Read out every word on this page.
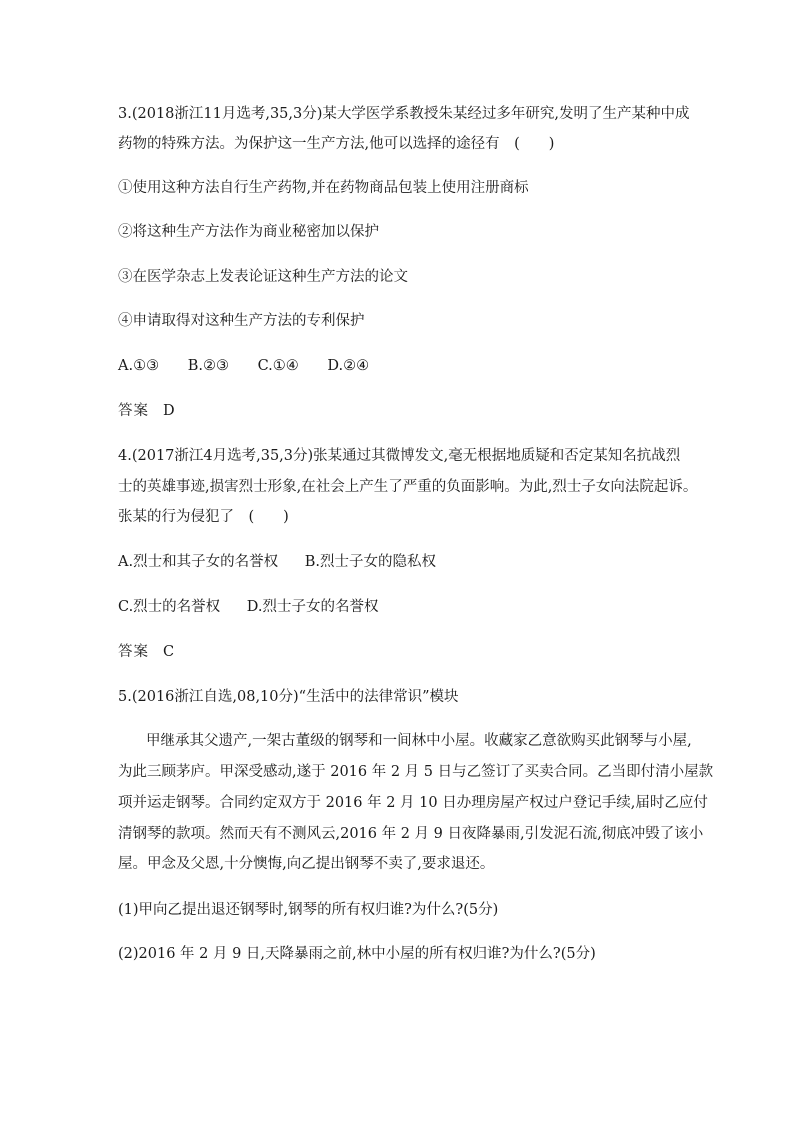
3.(2018浙江11月选考,35,3分)某大学医学系教授朱某经过多年研究,发明了生产某种中成
药物的特殊方法。为保护这一生产方法,他可以选择的途径有　(　　)
①使用这种方法自行生产药物,并在药物商品包装上使用注册商标
②将这种生产方法作为商业秘密加以保护
③在医学杂志上发表论证这种生产方法的论文
④申请取得对这种生产方法的专利保护
A.①③ B.②③ C.①④ D.②④
答案 D
4.(2017浙江4月选考,35,3分)张某通过其微博发文,毫无根据地质疑和否定某知名抗战烈
士的英雄事迹,损害烈士形象,在社会上产生了严重的负面影响。为此,烈士子女向法院起诉。
张某的行为侵犯了　(　　)
A.烈士和其子女的名誉权 B.烈士子女的隐私权
C.烈士的名誉权 D.烈士子女的名誉权
答案 C
5.(2016浙江自选,08,10分)“生活中的法律常识”模块
甲继承其父遗产,一架古董级的钢琴和一间林中小屋。收藏家乙意欲购买此钢琴与小屋,
为此三顾茅庐。甲深受感动,遂于 2016 年 2 月 5 日与乙签订了买卖合同。乙当即付清小屋款
项并运走钢琴。合同约定双方于 2016 年 2 月 10 日办理房屋产权过户登记手续,届时乙应付
清钢琴的款项。然而天有不测风云,2016 年 2 月 9 日夜降暴雨,引发泥石流,彻底冲毁了该小
屋。甲念及父恩,十分懊悔,向乙提出钢琴不卖了,要求退还。
(1)甲向乙提出退还钢琴时,钢琴的所有权归谁?为什么?(5分)
(2)2016 年 2 月 9 日,天降暴雨之前,林中小屋的所有权归谁?为什么?(5分)
